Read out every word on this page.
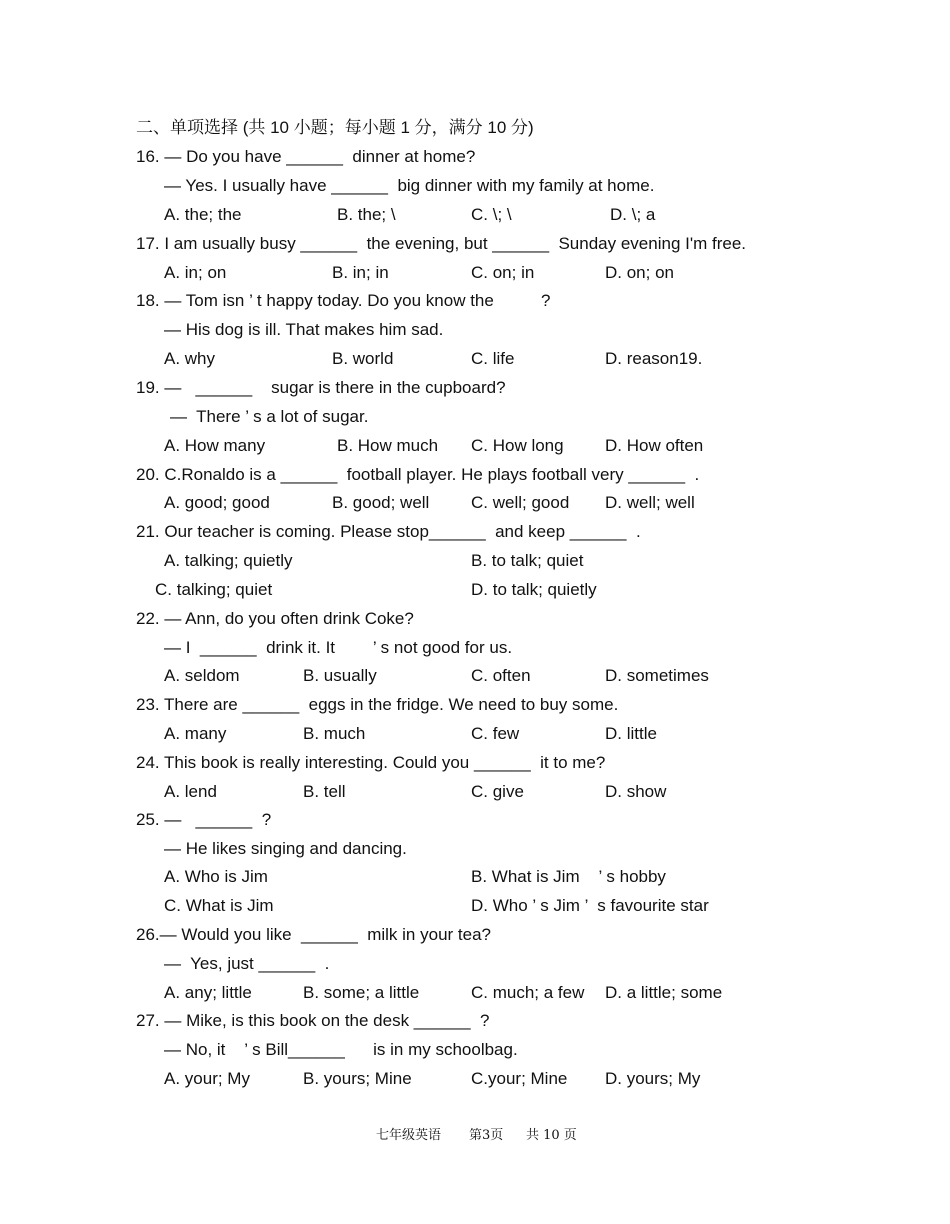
二、单项选择 (共 10 小题；每小题 1 分，满分 10 分)
16. — Do you have ______  dinner at home?
— Yes. I usually have ______  big dinner with my family at home.
A. the; the	B. the; \	C. \; \	D. \; a
17. I am usually busy ______  the evening, but ______  Sunday evening I'm free.
A. in; on	B. in; in	C. on; in	D. on; on
18. — Tom isn ’ t happy today. Do you know the          ?
— His dog is ill. That makes him sad.
A. why	B. world	C. life	D. reason19.
19. —   ______    sugar is there in the cupboard?
—  There ’ s a lot of sugar.
A. How many	B. How much C. How long D. How often
20. C.Ronaldo is a ______  football player. He plays football very ______  .
A. good; good	B. good; well C. well; good D. well; well
21. Our teacher is coming. Please stop______  and keep ______  .
A. talking; quietly	B. to talk; quiet
C. talking; quiet	D. to talk; quietly
22. — Ann, do you often drink Coke?
— I  ______  drink it. It        ’ s not good for us.
A. seldom	B. usually	C. often	D. sometimes
23. There are ______  eggs in the fridge. We need to buy some.
A. many	B. much	C. few	D. little
24. This book is really interesting. Could you ______  it to me?
A. lend	B. tell	C. give	D. show
25. —   ______  ?
— He likes singing and dancing.
A. Who is Jim	B. What is Jim    ’ s hobby
C. What is Jim	D. Who ’ s Jim ’  s favourite star
26.— Would you like  ______  milk in your tea?
—  Yes, just ______  .
A. any; little	B. some; a little	C. much; a few D. a little; some
27. — Mike, is this book on the desk ______  ?
— No, it    ’ s Bill______      is in my schoolbag.
A. your; My	B. yours; Mine	C.your; Mine D. yours; My
七年级英语 第3页 共 10 页
